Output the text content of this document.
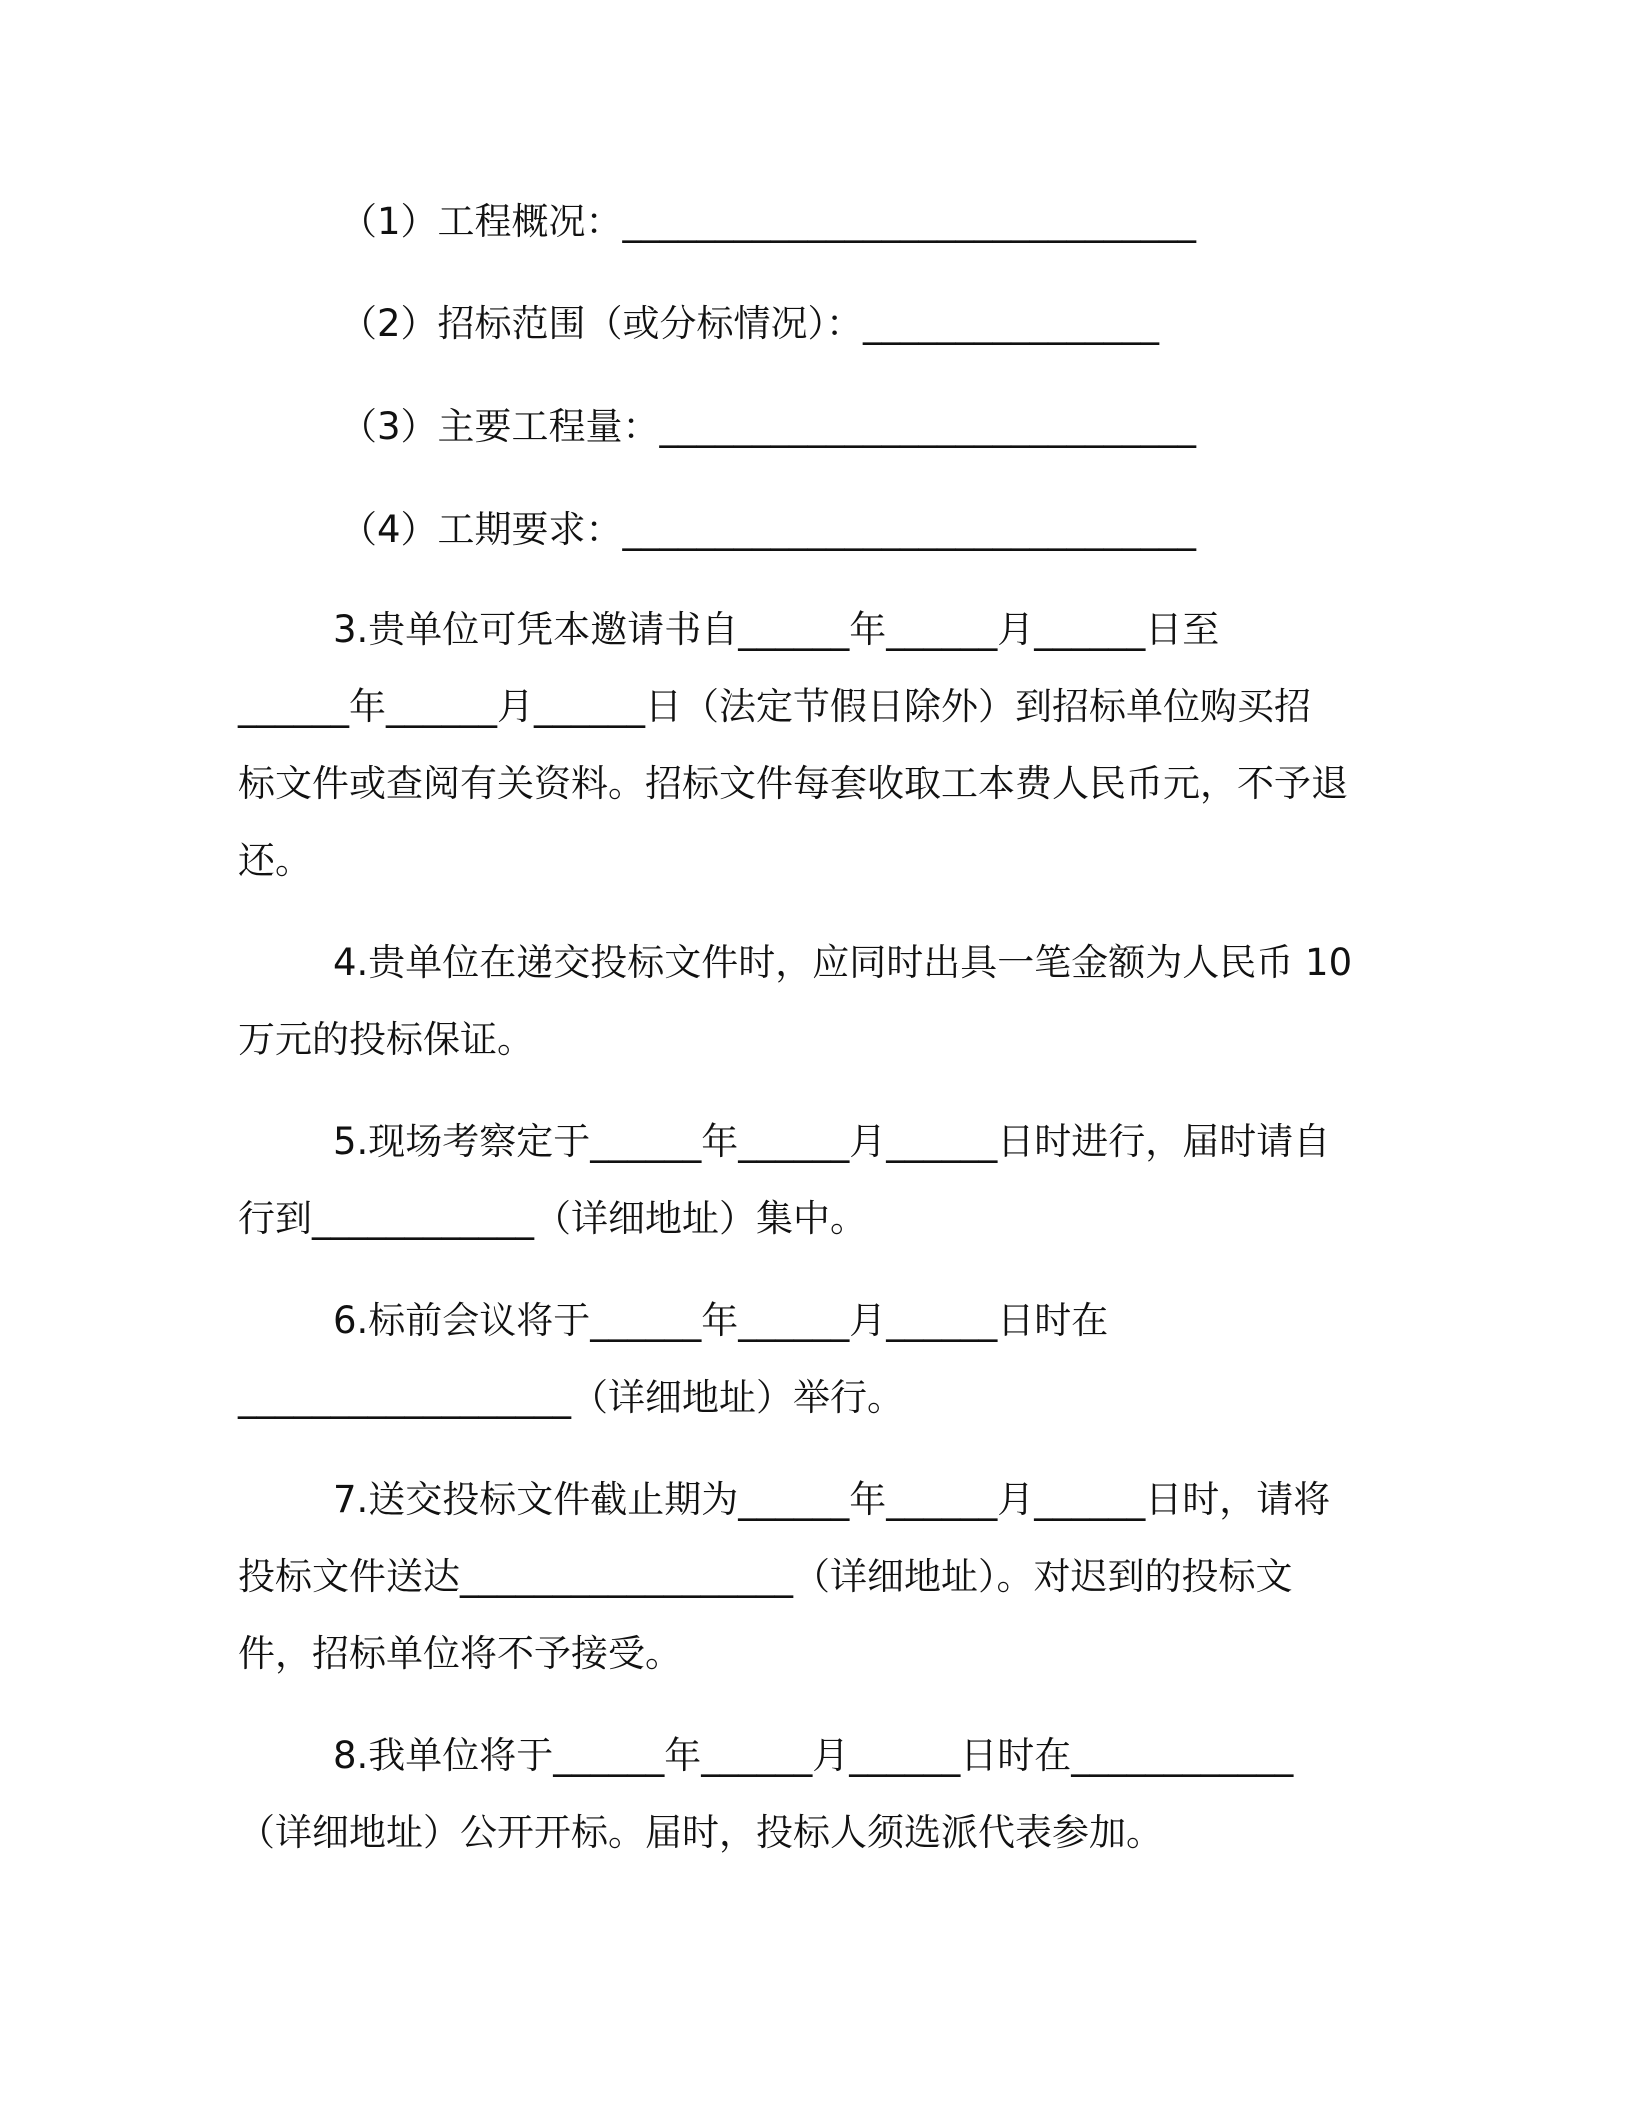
（1）工程概况：_______________________________

（2）招标范围（或分标情况）：________________

（3）主要工程量：_____________________________

（4）工期要求：_______________________________

3.贵单位可凭本邀请书自______年______月______日至

______年______月______日（法定节假日除外）到招标单位购买招

标文件或查阅有关资料。招标文件每套收取工本费人民币元，不予退

还。

4.贵单位在递交投标文件时，应同时出具一笔金额为人民币 10

万元的投标保证。

5.现场考察定于______年______月______日时进行，届时请自

行到____________（详细地址）集中。

6.标前会议将于______年______月______日时在

__________________（详细地址）举行。

7.送交投标文件截止期为______年______月______日时，请将

投标文件送达__________________（详细地址）。对迟到的投标文

件，招标单位将不予接受。

8.我单位将于______年______月______日时在____________

（详细地址）公开开标。届时，投标人须选派代表参加。
